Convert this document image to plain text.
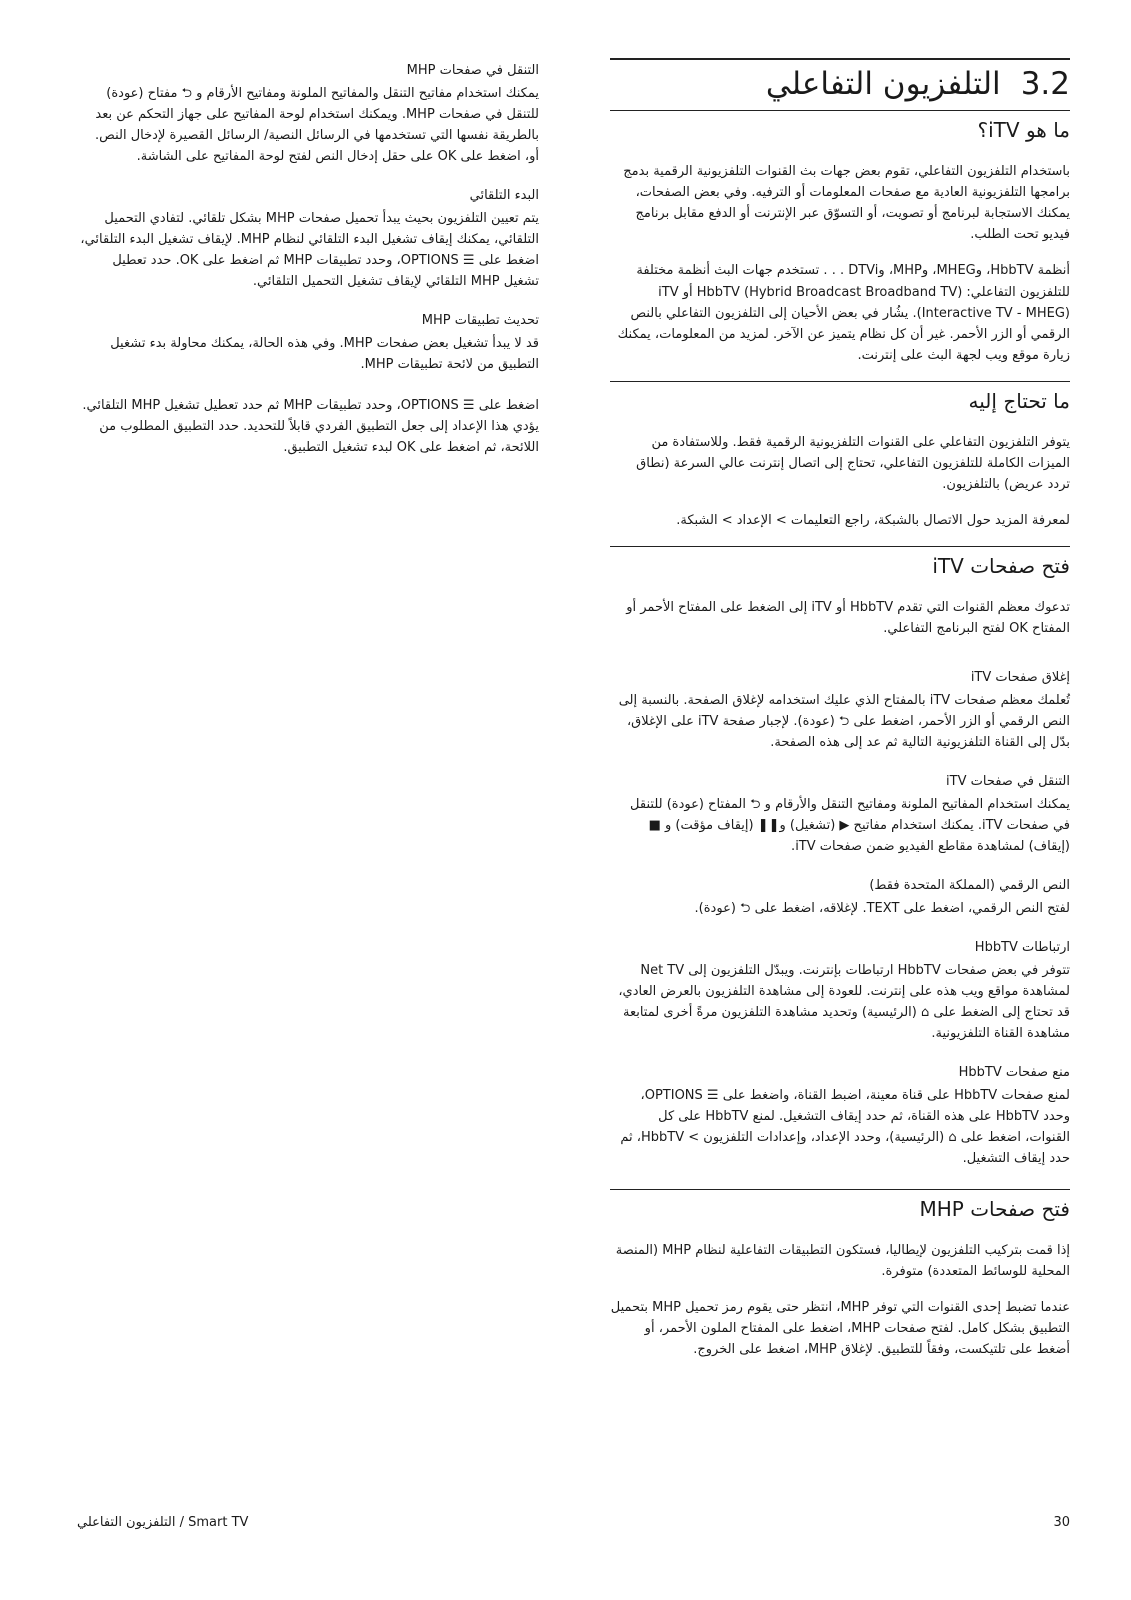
3.2
التلفزيون التفاعلي
ما هو iTV؟

باستخدام التلفزيون التفاعلي، تقوم بعض جهات بث القنوات التلفزيونية الرقمية بدمج برامجها التلفزيونية العادية مع صفحات المعلومات أو الترفيه. وفي بعض الصفحات، يمكنك الاستجابة لبرنامج أو تصويت، أو التسوّق عبر الإنترنت أو الدفع مقابل برنامج فيديو تحت الطلب.

أنظمة HbbTV، وMHEG، وMHP، وDTVi . . . تستخدم جهات البث أنظمة مختلفة للتلفزيون التفاعلي: HbbTV (Hybrid Broadcast Broadband TV) أو iTV (Interactive TV - MHEG). يشُار في بعض الأحيان إلى التلفزيون التفاعلي بالنص الرقمي أو الزر الأحمر. غير أن كل نظام يتميز عن الآخر. لمزيد من المعلومات، يمكنك زيارة موقع ويب لجهة البث على إنترنت.

ما تحتاج إليه

يتوفر التلفزيون التفاعلي على القنوات التلفزيونية الرقمية فقط. وللاستفادة من الميزات الكاملة للتلفزيون التفاعلي، تحتاج إلى اتصال إنترنت عالي السرعة (نطاق تردد عريض) بالتلفزيون.

لمعرفة المزيد حول الاتصال بالشبكة، راجع التعليمات > الإعداد > الشبكة.

فتح صفحات iTV

تدعوك معظم القنوات التي تقدم HbbTV أو iTV إلى الضغط على المفتاح الأحمر أو المفتاح OK لفتح البرنامج التفاعلي.

إغلاق صفحات iTV

تُعلمك معظم صفحات iTV بالمفتاح الذي عليك استخدامه لإغلاق الصفحة. بالنسبة إلى النص الرقمي أو الزر الأحمر، اضغط على ⮌ (عودة). لإجبار صفحة iTV على الإغلاق، بدّل إلى القناة التلفزيونية التالية ثم عد إلى هذه الصفحة.

التنقل في صفحات iTV

يمكنك استخدام المفاتيح الملونة ومفاتيح التنقل والأرقام و ⮌ المفتاح (عودة) للتنقل في صفحات iTV. يمكنك استخدام مفاتيح ▶ (تشغيل) و❚❚ (إيقاف مؤقت) و ■ (إيقاف) لمشاهدة مقاطع الفيديو ضمن صفحات iTV.

النص الرقمي (المملكة المتحدة فقط)

لفتح النص الرقمي، اضغط على TEXT. لإغلاقه، اضغط على ⮌ (عودة).

ارتباطات HbbTV

تتوفر في بعض صفحات HbbTV ارتباطات بإنترنت. ويبدّل التلفزيون إلى Net TV لمشاهدة مواقع ويب هذه على إنترنت. للعودة إلى مشاهدة التلفزيون بالعرض العادي، قد تحتاج إلى الضغط على ⌂ (الرئيسية) وتحديد مشاهدة التلفزيون مرةً أخرى لمتابعة مشاهدة القناة التلفزيونية.

منع صفحات HbbTV

لمنع صفحات HbbTV على قناة معينة، اضبط القناة، واضغط على ☰ OPTIONS، وحدد HbbTV على هذه القناة، ثم حدد إيقاف التشغيل. لمنع HbbTV على كل القنوات، اضغط على ⌂ (الرئيسية)، وحدد الإعداد، وإعدادات التلفزيون > HbbTV، ثم حدد إيقاف التشغيل.

فتح صفحات MHP

إذا قمت بتركيب التلفزيون لإيطاليا، فستكون التطبيقات التفاعلية لنظام MHP (المنصة المحلية للوسائط المتعددة) متوفرة.

عندما تضبط إحدى القنوات التي توفر MHP، انتظر حتى يقوم رمز تحميل MHP بتحميل التطبيق بشكل كامل. لفتح صفحات MHP، اضغط على المفتاح الملون الأحمر، أو أضغط على تلتيكست، وفقاً للتطبيق. لإغلاق MHP، اضغط على الخروج.

التنقل في صفحات MHP

يمكنك استخدام مفاتيح التنقل والمفاتيح الملونة ومفاتيح الأرقام و ⮌ مفتاح (عودة) للتنقل في صفحات MHP. ويمكنك استخدام لوحة المفاتيح على جهاز التحكم عن بعد بالطريقة نفسها التي تستخدمها في الرسائل النصية/ الرسائل القصيرة لإدخال النص. أو، اضغط على OK على حقل إدخال النص لفتح لوحة المفاتيح على الشاشة.

البدء التلقائي

يتم تعيين التلفزيون بحيث يبدأ تحميل صفحات MHP بشكل تلقائي. لتفادي التحميل التلقائي، يمكنك إيقاف تشغيل البدء التلقائي لنظام MHP. لإيقاف تشغيل البدء التلقائي، اضغط على ☰ OPTIONS، وحدد تطبيقات MHP ثم اضغط على OK. حدد تعطيل تشغيل MHP التلقائي لإيقاف تشغيل التحميل التلقائي.

تحديث تطبيقات MHP

قد لا يبدأ تشغيل بعض صفحات MHP. وفي هذه الحالة، يمكنك محاولة بدء تشغيل التطبيق من لائحة تطبيقات MHP.

اضغط على ☰ OPTIONS، وحدد تطبيقات MHP ثم حدد تعطيل تشغيل MHP التلقائي. يؤدي هذا الإعداد إلى جعل التطبيق الفردي قابلاً للتحديد. حدد التطبيق المطلوب من اللائحة، ثم اضغط على OK لبدء تشغيل التطبيق.

30
Smart TV / التلفزيون التفاعلي
